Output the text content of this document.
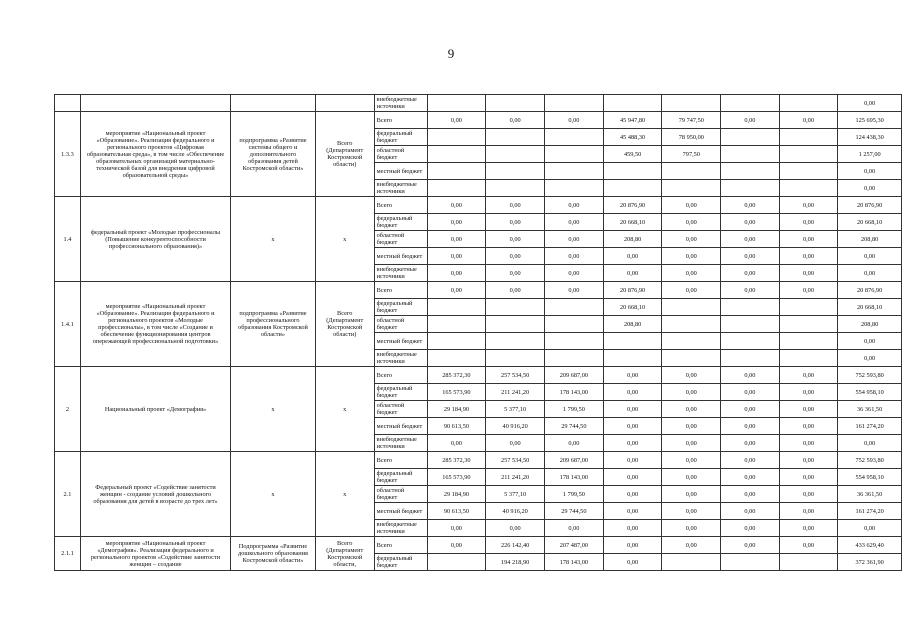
9
				внебюджетные источники								0,00
1.3.3	мероприятие «Национальный проект «Образование». Реализация федерального и регионального проектов «Цифровая образовательная среда», в том числе «Обеспечение образовательных организаций материально-технической базой для внедрения цифровой образовательной среды»	подпрограмма «Развитие системы общего и дополнительного образования детей Костромской области»	Всего (Департамент Костромской области)	Всего	0,00	0,00	0,00	45 947,80	79 747,50	0,00	0,00	125 695,30
				федеральный бюджет				45 488,30	78 950,00			124 438,30
				областной бюджет				459,50	797,50			1 257,00
				местный бюджет								0,00
				внебюджетные источники								0,00
1.4	федеральный проект «Молодые профессионалы (Повышение конкурентоспособности профессионального образования)»	х	х	Всего	0,00	0,00	0,00	20 876,90	0,00	0,00	0,00	20 876,90
				федеральный бюджет	0,00	0,00	0,00	20 668,10	0,00	0,00	0,00	20 668,10
				областной бюджет	0,00	0,00	0,00	208,80	0,00	0,00	0,00	208,80
				местный бюджет	0,00	0,00	0,00	0,00	0,00	0,00	0,00	0,00
				внебюджетные источники	0,00	0,00	0,00	0,00	0,00	0,00	0,00	0,00
1.4.1	мероприятие «Национальный проект «Образование». Реализация федерального и регионального проектов «Молодые профессионалы», в том числе «Создание и обеспечение функционирования центров опережающей профессиональной подготовки»	подпрограмма «Развитие профессионального образования Костромской области»	Всего (Департамент Костромской области)	Всего	0,00	0,00	0,00	20 876,90	0,00	0,00	0,00	20 876,90
				федеральный бюджет				20 668,10				20 668,10
				областной бюджет				208,80				208,80
				местный бюджет								0,00
				внебюджетные источники								0,00
2	Национальный проект «Демография»	х	х	Всего	285 372,30	257 534,50	209 687,00	0,00	0,00	0,00	0,00	752 593,80
				федеральный бюджет	165 573,90	211 241,20	178 143,00	0,00	0,00	0,00	0,00	554 958,10
				областной бюджет	29 184,90	5 377,10	1 799,50	0,00	0,00	0,00	0,00	36 361,50
				местный бюджет	90 613,50	40 916,20	29 744,50	0,00	0,00	0,00	0,00	161 274,20
				внебюджетные источники	0,00	0,00	0,00	0,00	0,00	0,00	0,00	0,00
2.1	Федеральный проект «Содействие занятости женщин - создание условий дошкольного образования для детей в возрасте до трех лет»	х	х	Всего	285 372,30	257 534,50	209 687,00	0,00	0,00	0,00	0,00	752 593,80
				федеральный бюджет	165 573,90	211 241,20	178 143,00	0,00	0,00	0,00	0,00	554 958,10
				областной бюджет	29 184,90	5 377,10	1 799,50	0,00	0,00	0,00	0,00	36 361,50
				местный бюджет	90 613,50	40 916,20	29 744,50	0,00	0,00	0,00	0,00	161 274,20
				внебюджетные источники	0,00	0,00	0,00	0,00	0,00	0,00	0,00	0,00
2.1.1	мероприятие «Национальный проект «Демография». Реализация федерального и регионального проектов «Содействие занятости женщин – создание	Подпрограмма «Развитие дошкольного образования Костромской области»	Всего (Департамент Костромской области,	Всего	0,00	226 142,40	207 487,00	0,00	0,00	0,00	0,00	433 629,40
				федеральный бюджет		194 218,90	178 143,00	0,00				372 361,90
